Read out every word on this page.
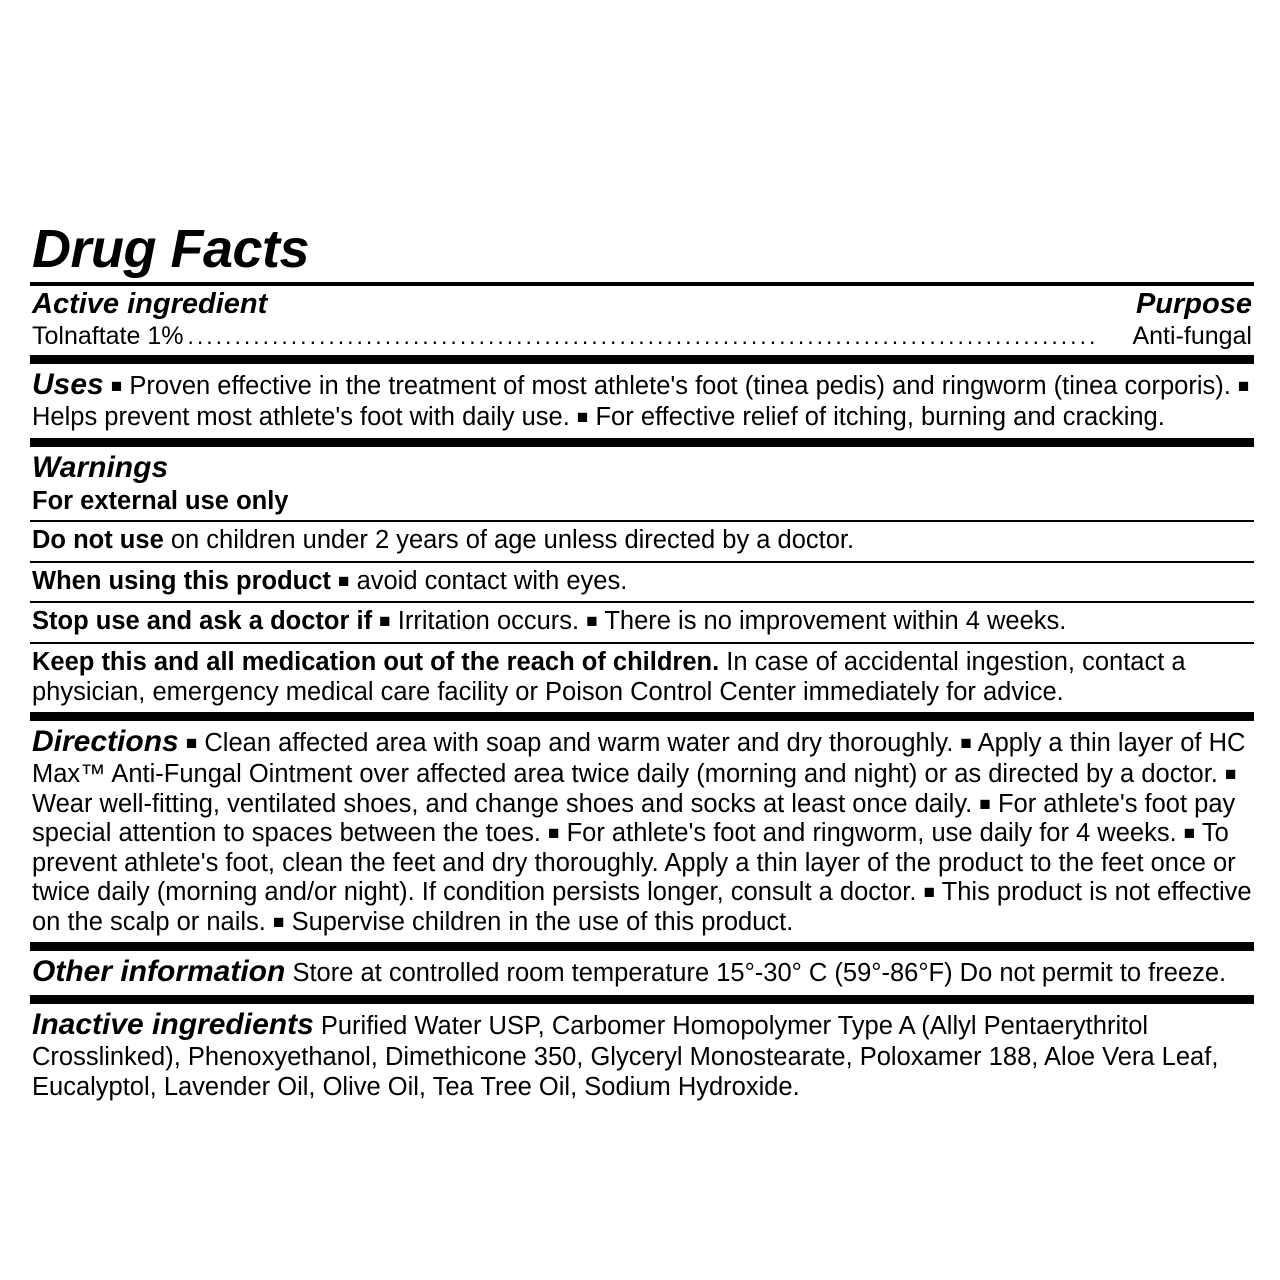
Drug Facts
Active ingredient	Purpose
Tolnaftate 1% .................................................................................................	Anti-fungal
Uses ■ Proven effective in the treatment of most athlete's foot (tinea pedis) and ringworm (tinea corporis). ■ Helps prevent most athlete's foot with daily use. ■ For effective relief of itching, burning and cracking.
Warnings
For external use only
Do not use on children under 2 years of age unless directed by a doctor.
When using this product ■ avoid contact with eyes.
Stop use and ask a doctor if ■ Irritation occurs. ■ There is no improvement within 4 weeks.
Keep this and all medication out of the reach of children. In case of accidental ingestion, contact a physician, emergency medical care facility or Poison Control Center immediately for advice.
Directions ■ Clean affected area with soap and warm water and dry thoroughly. ■ Apply a thin layer of HC Max™ Anti-Fungal Ointment over affected area twice daily (morning and night) or as directed by a doctor. ■ Wear well-fitting, ventilated shoes, and change shoes and socks at least once daily. ■ For athlete's foot pay special attention to spaces between the toes. ■ For athlete's foot and ringworm, use daily for 4 weeks. ■ To prevent athlete's foot, clean the feet and dry thoroughly. Apply a thin layer of the product to the feet once or twice daily (morning and/or night). If condition persists longer, consult a doctor. ■ This product is not effective on the scalp or nails. ■ Supervise children in the use of this product.
Other information Store at controlled room temperature 15°-30° C (59°-86°F) Do not permit to freeze.
Inactive ingredients Purified Water USP, Carbomer Homopolymer Type A (Allyl Pentaerythritol Crosslinked), Phenoxyethanol, Dimethicone 350, Glyceryl Monostearate, Poloxamer 188, Aloe Vera Leaf, Eucalyptol, Lavender Oil, Olive Oil, Tea Tree Oil, Sodium Hydroxide.
